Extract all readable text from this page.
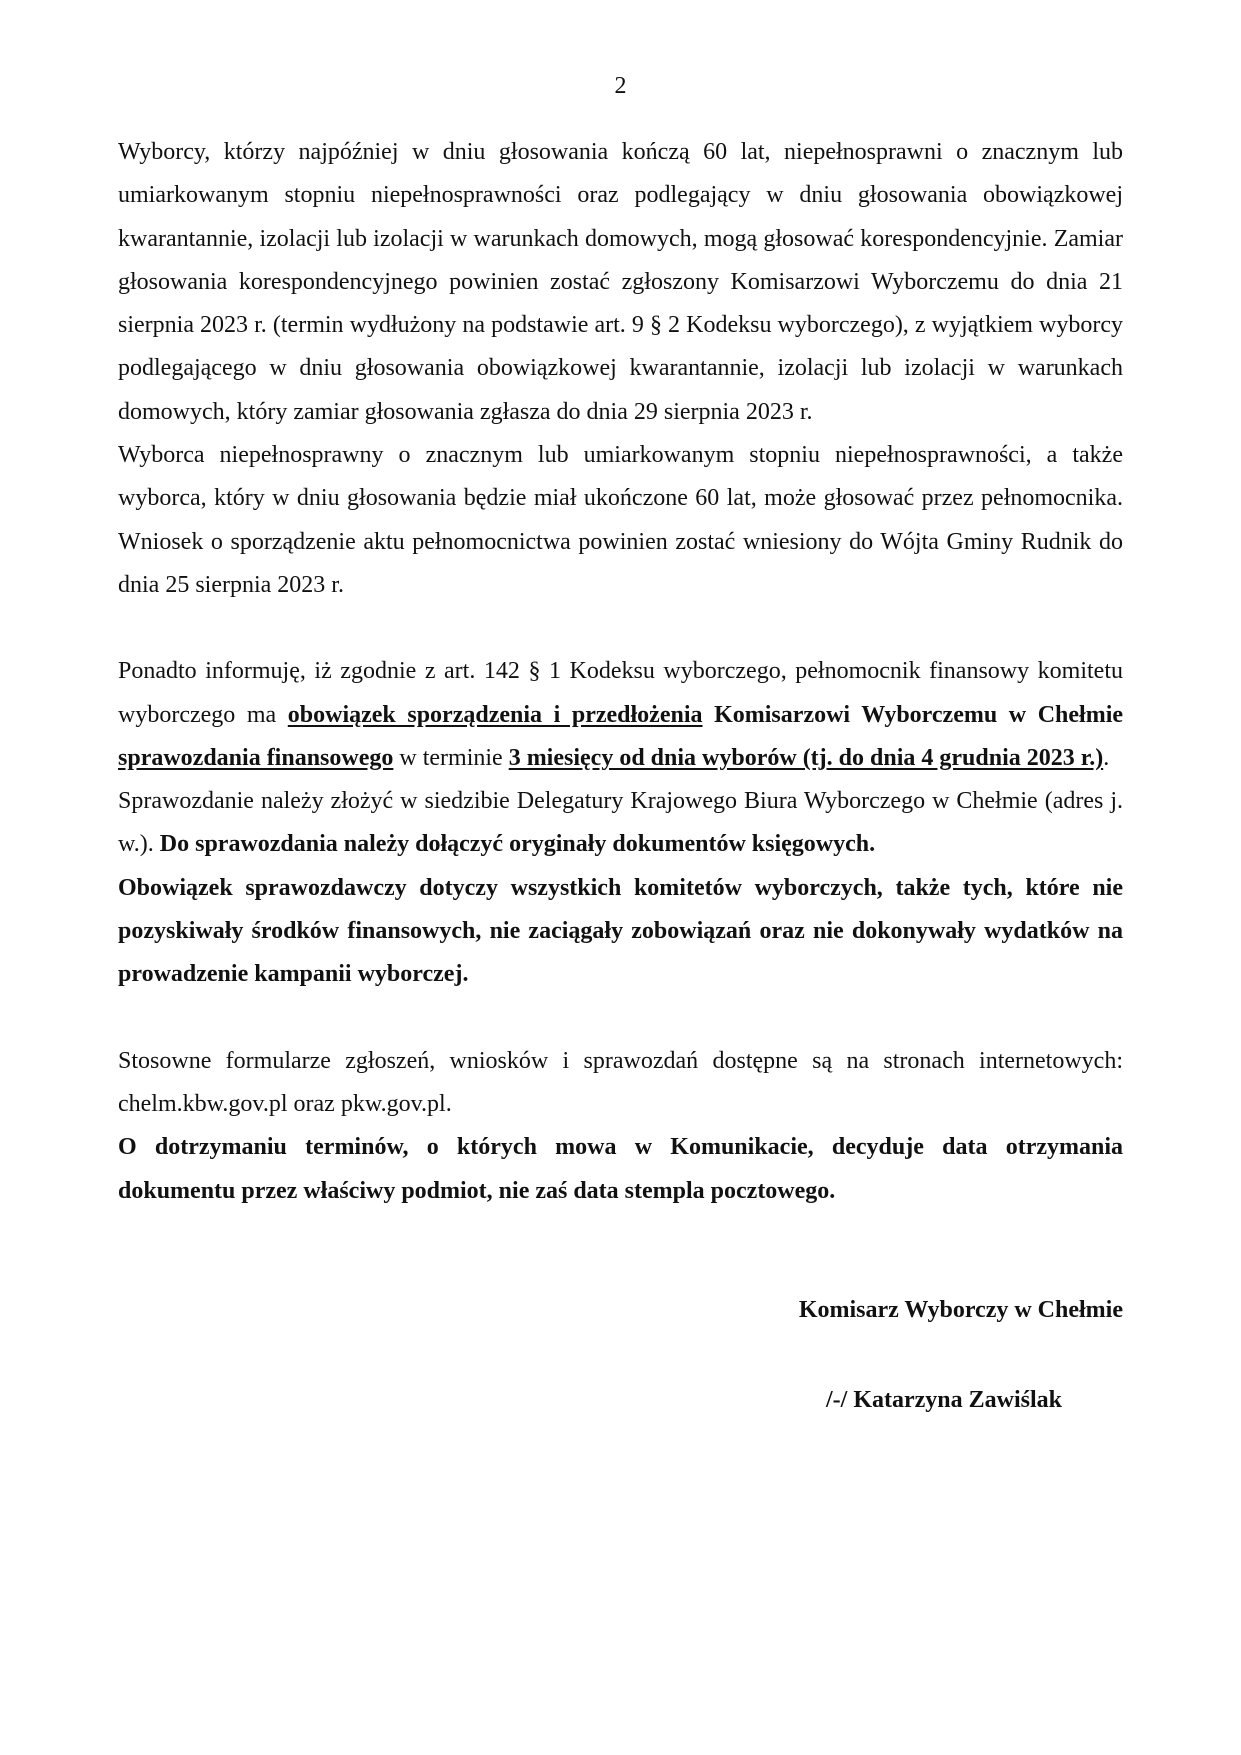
2

Wyborcy, którzy najpóźniej w dniu głosowania kończą 60 lat, niepełnosprawni o znacznym lub umiarkowanym stopniu niepełnosprawności oraz podlegający w dniu głosowania obowiązkowej kwarantannie, izolacji lub izolacji w warunkach domowych, mogą głosować korespondencyjnie. Zamiar głosowania korespondencyjnego powinien zostać zgłoszony Komisarzowi Wyborczemu do dnia 21 sierpnia 2023 r. (termin wydłużony na podstawie art. 9 § 2 Kodeksu wyborczego), z wyjątkiem wyborcy podlegającego w dniu głosowania obowiązkowej kwarantannie, izolacji lub izolacji w warunkach domowych, który zamiar głosowania zgłasza do dnia 29 sierpnia 2023 r.

Wyborca niepełnosprawny o znacznym lub umiarkowanym stopniu niepełnosprawności, a także wyborca, który w dniu głosowania będzie miał ukończone 60 lat, może głosować przez pełnomocnika. Wniosek o sporządzenie aktu pełnomocnictwa powinien zostać wniesiony do Wójta Gminy Rudnik do dnia 25 sierpnia 2023 r.

Ponadto informuję, iż zgodnie z art. 142 § 1 Kodeksu wyborczego, pełnomocnik finansowy komitetu wyborczego ma obowiązek sporządzenia i przedłożenia Komisarzowi Wyborczemu w Chełmie sprawozdania finansowego w terminie 3 miesięcy od dnia wyborów (tj. do dnia 4 grudnia 2023 r.).

Sprawozdanie należy złożyć w siedzibie Delegatury Krajowego Biura Wyborczego w Chełmie (adres j. w.). Do sprawozdania należy dołączyć oryginały dokumentów księgowych.

Obowiązek sprawozdawczy dotyczy wszystkich komitetów wyborczych, także tych, które nie pozyskiwały środków finansowych, nie zaciągały zobowiązań oraz nie dokonywały wydatków na prowadzenie kampanii wyborczej.

Stosowne formularze zgłoszeń, wniosków i sprawozdań dostępne są na stronach internetowych: chelm.kbw.gov.pl oraz pkw.gov.pl.

O dotrzymaniu terminów, o których mowa w Komunikacie, decyduje data otrzymania dokumentu przez właściwy podmiot, nie zaś data stempla pocztowego.

Komisarz Wyborczy w Chełmie
/-/ Katarzyna Zawiślak
